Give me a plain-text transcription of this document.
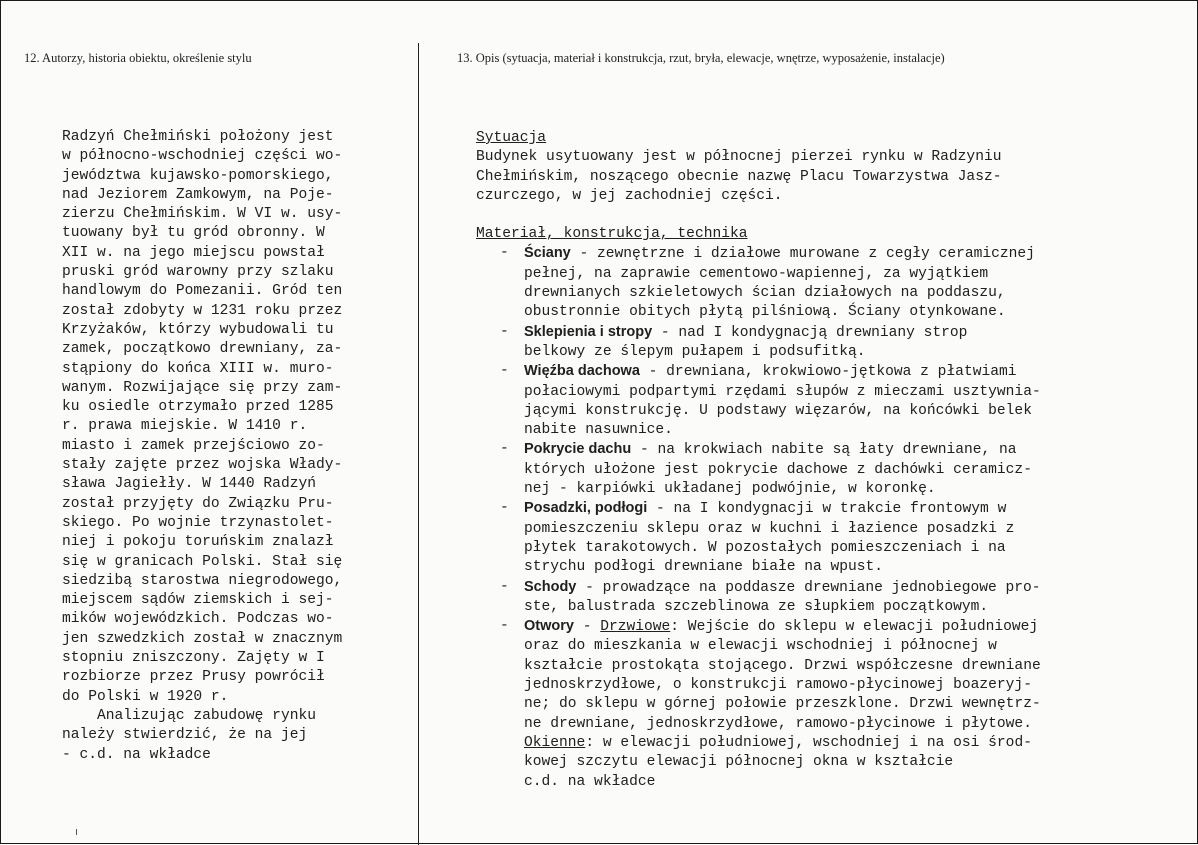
12. Autorzy, historia obiektu, określenie stylu	13. Opis (sytuacja, materiał i konstrukcja, rzut, bryła, elewacje, wnętrze, wyposażenie, instalacje)
Radzyń Chełmiński położony jest
w północno-wschodniej części wo-
jewództwa kujawsko-pomorskiego,
nad Jeziorem Zamkowym, na Poje-
zierzu Chełmińskim. W VI w. usy-
tuowany był tu gród obronny. W
XII w. na jego miejscu powstał
pruski gród warowny przy szlaku
handlowym do Pomezanii. Gród ten
został zdobyty w 1231 roku przez
Krzyżaków, którzy wybudowali tu
zamek, początkowo drewniany, za-
stąpiony do końca XIII w. muro-
wanym. Rozwijające się przy zam-
ku osiedle otrzymało przed 1285
r. prawa miejskie. W 1410 r.
miasto i zamek przejściowo zo-
stały zajęte przez wojska Włady-
sława Jagiełły. W 1440 Radzyń
został przyjęty do Związku Pru-
skiego. Po wojnie trzynastolet-
niej i pokoju toruńskim znalazł
się w granicach Polski. Stał się
siedzibą starostwa niegrodowego,
miejscem sądów ziemskich i sej-
mików wojewódzkich. Podczas wo-
jen szwedzkich został w znacznym
stopniu zniszczony. Zajęty w I
rozbiorze przez Prusy powrócił
do Polski w 1920 r.
Analizując zabudowę rynku
należy stwierdzić, że na jej
- c.d. na wkładce
Sytuacja
Budynek usytuowany jest w północnej pierzei rynku w Radzyniu
Chełmińskim, noszącego obecnie nazwę Placu Towarzystwa Jasz-
czurczego, w jej zachodniej części.
Materiał, konstrukcja, technika
-	Ściany - zewnętrzne i działowe murowane z cegły ceramicznej
pełnej, na zaprawie cementowo-wapiennej, za wyjątkiem
drewnianych szkieletowych ścian działowych na poddaszu,
obustronnie obitych płytą pilśniową. Ściany otynkowane.
-	Sklepienia i stropy - nad I kondygnacją drewniany strop
belkowy ze ślepym pułapem i podsufitką.
-	Więźba dachowa - drewniana, krokwiowo-jętkowa z płatwiami
połaciowymi podpartymi rzędami słupów z mieczami usztywnia-
jącymi konstrukcję. U podstawy więzarów, na końcówki belek
nabite nasuwnice.
-	Pokrycie dachu - na krokwiach nabite są łaty drewniane, na
których ułożone jest pokrycie dachowe z dachówki ceramicz-
nej - karpiówki układanej podwójnie, w koronkę.
-	Posadzki, podłogi - na I kondygnacji w trakcie frontowym w
pomieszczeniu sklepu oraz w kuchni i łazience posadzki z
płytek tarakotowych. W pozostałych pomieszczeniach i na
strychu podłogi drewniane białe na wpust.
-	Schody - prowadzące na poddasze drewniane jednobiegowe pro-
ste, balustrada szczeblinowa ze słupkiem początkowym.
-	Otwory - Drzwiowe: Wejście do sklepu w elewacji południowej
oraz do mieszkania w elewacji wschodniej i północnej w
kształcie prostokąta stojącego. Drzwi współczesne drewniane
jednoskrzydłowe, o konstrukcji ramowo-płycinowej boazeryj-
ne; do sklepu w górnej połowie przeszklone. Drzwi wewnętrz-
ne drewniane, jednoskrzydłowe, ramowo-płycinowe i płytowe.
Okienne: w elewacji południowej, wschodniej i na osi środ-
kowej szczytu elewacji północnej okna w kształcie
c.d. na wkładce
